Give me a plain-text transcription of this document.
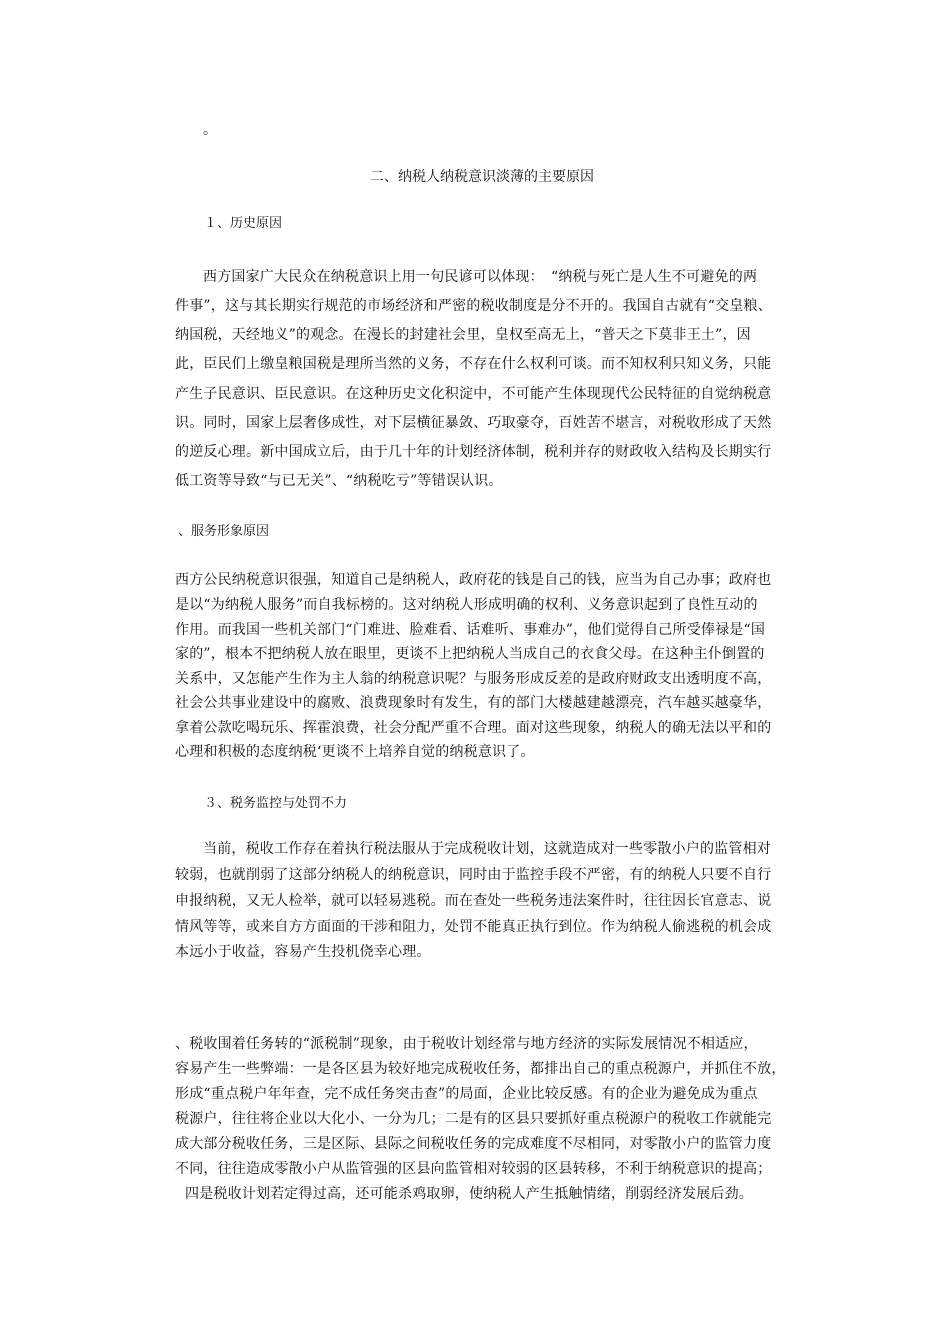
。
二、纳税人纳税意识淡薄的主要原因
１、历史原因
西方国家广大民众在纳税意识上用一句民谚可以体现：　“纳税与死亡是人生不可避免的两
件事”，这与其长期实行规范的市场经济和严密的税收制度是分不开的。我国自古就有“交皇粮、
纳国税，天经地义”的观念。在漫长的封建社会里，皇权至高无上，“普天之下莫非王土”，因
此，臣民们上缴皇粮国税是理所当然的义务，不存在什么权利可谈。而不知权利只知义务，只能
产生子民意识、臣民意识。在这种历史文化积淀中，不可能产生体现现代公民特征的自觉纳税意
识。同时，国家上层奢侈成性，对下层横征暴敛、巧取豪夺，百姓苦不堪言，对税收形成了天然
的逆反心理。新中国成立后，由于几十年的计划经济体制，税利并存的财政收入结构及长期实行
低工资等导致“与已无关”、“纳税吃亏”等错误认识。
、服务形象原因
西方公民纳税意识很强，知道自己是纳税人，政府花的钱是自己的钱，应当为自己办事；政府也
是以“为纳税人服务”而自我标榜的。这对纳税人形成明确的权利、义务意识起到了良性互动的
作用。而我国一些机关部门“门难进、脸难看、话难听、事难办”，他们觉得自己所受俸禄是“国
家的”，根本不把纳税人放在眼里，更谈不上把纳税人当成自己的衣食父母。在这种主仆倒置的
关系中，又怎能产生作为主人翁的纳税意识呢？与服务形成反差的是政府财政支出透明度不高，
社会公共事业建设中的腐败、浪费现象时有发生，有的部门大楼越建越漂亮，汽车越买越豪华，
拿着公款吃喝玩乐、挥霍浪费，社会分配严重不合理。面对这些现象，纳税人的确无法以平和的
心理和积极的态度纳税‘更谈不上培养自觉的纳税意识了。
３、税务监控与处罚不力
当前，税收工作存在着执行税法服从于完成税收计划，这就造成对一些零散小户的监管相对
较弱，也就削弱了这部分纳税人的纳税意识，同时由于监控手段不严密，有的纳税人只要不自行
申报纳税，又无人检举，就可以轻易逃税。而在查处一些税务违法案件时，往往因长官意志、说
情风等等，或来自方方面面的干涉和阻力，处罚不能真正执行到位。作为纳税人偷逃税的机会成
本远小于收益，容易产生投机侥幸心理。
、税收围着任务转的“派税制”现象，由于税收计划经常与地方经济的实际发展情况不相适应，
容易产生一些弊端：一是各区县为较好地完成税收任务，都排出自己的重点税源户，并抓住不放，
形成“重点税户年年查，完不成任务突击查”的局面，企业比较反感。有的企业为避免成为重点
税源户，往往将企业以大化小、一分为几；二是有的区县只要抓好重点税源户的税收工作就能完
成大部分税收任务，三是区际、县际之间税收任务的完成难度不尽相同，对零散小户的监管力度
不同，往往造成零散小户从监管强的区县向监管相对较弱的区县转移，不利于纳税意识的提高；
四是税收计划若定得过高，还可能杀鸡取卵，使纳税人产生抵触情绪，削弱经济发展后劲。
